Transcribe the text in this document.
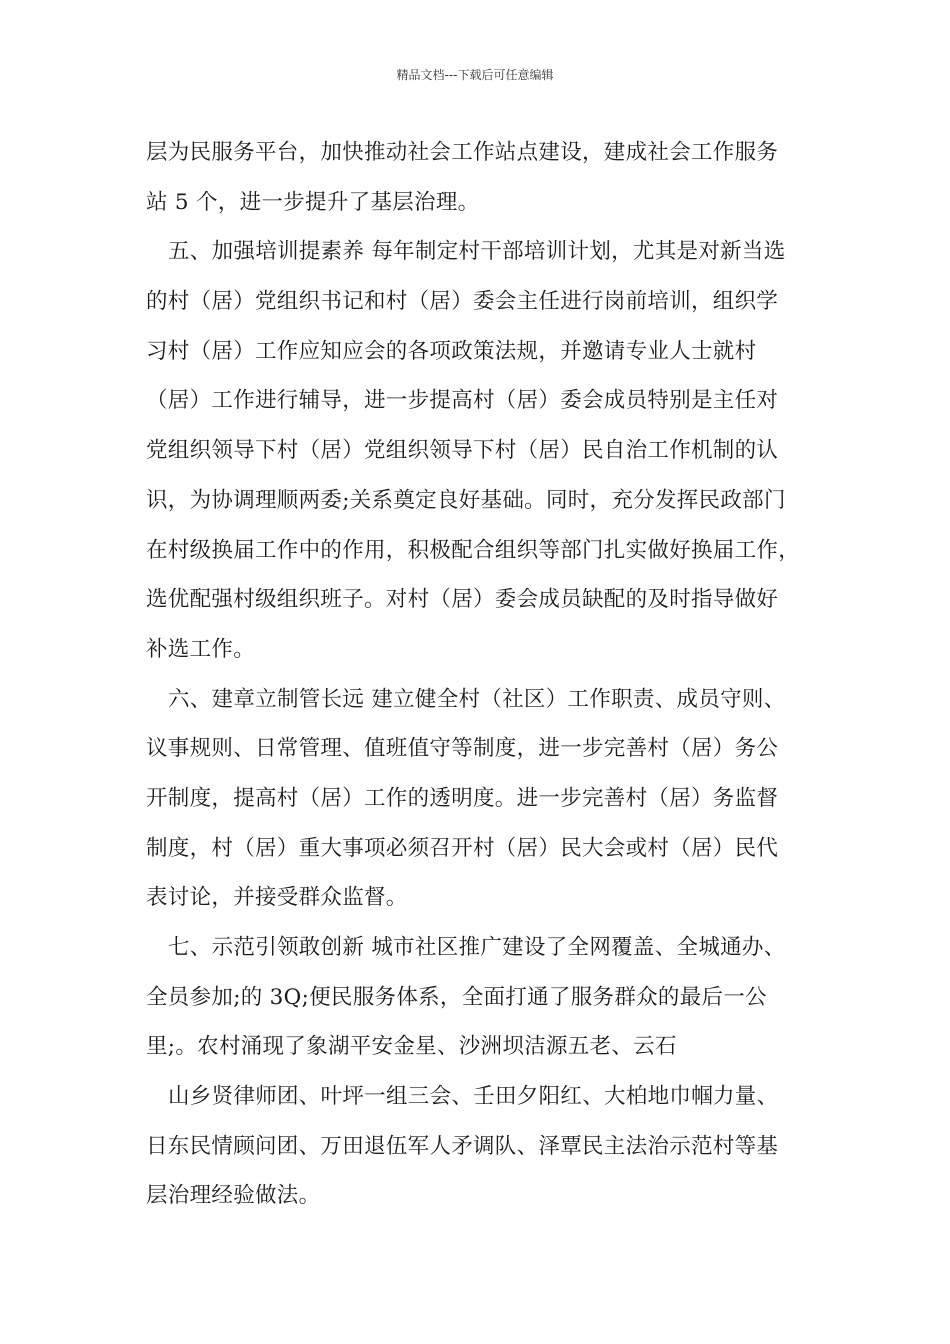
精品文档---下载后可任意编辑
层为民服务平台，加快推动社会工作站点建设，建成社会工作服务
站 5 个，进一步提升了基层治理。
五、加强培训提素养 每年制定村干部培训计划，尤其是对新当选
的村（居）党组织书记和村（居）委会主任进行岗前培训，组织学
习村（居）工作应知应会的各项政策法规，并邀请专业人士就村
（居）工作进行辅导，进一步提高村（居）委会成员特别是主任对
党组织领导下村（居）党组织领导下村（居）民自治工作机制的认
识，为协调理顺两委;关系奠定良好基础。同时，充分发挥民政部门
在村级换届工作中的作用，积极配合组织等部门扎实做好换届工作，
选优配强村级组织班子。对村（居）委会成员缺配的及时指导做好
补选工作。
六、建章立制管长远 建立健全村（社区）工作职责、成员守则、
议事规则、日常管理、值班值守等制度，进一步完善村（居）务公
开制度，提高村（居）工作的透明度。进一步完善村（居）务监督
制度，村（居）重大事项必须召开村（居）民大会或村（居）民代
表讨论，并接受群众监督。
七、示范引领敢创新 城市社区推广建设了全网覆盖、全城通办、
全员参加;的 3Q;便民服务体系，全面打通了服务群众的最后一公
里;。农村涌现了象湖平安金星、沙洲坝洁源五老、云石
山乡贤律师团、叶坪一组三会、壬田夕阳红、大柏地巾帼力量、
日东民情顾问团、万田退伍军人矛调队、泽覃民主法治示范村等基
层治理经验做法。
